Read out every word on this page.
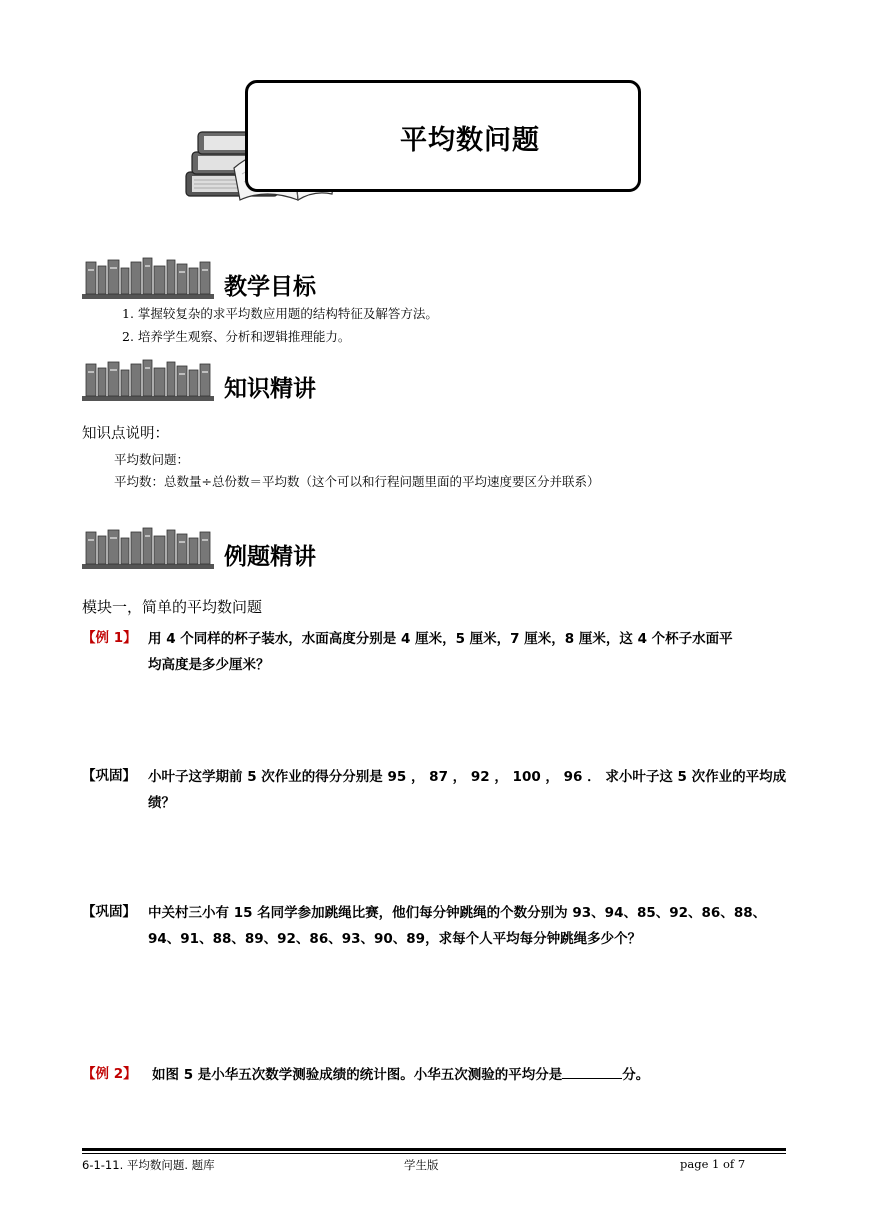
平均数问题
教学目标
1. 掌握较复杂的求平均数应用题的结构特征及解答方法。
2. 培养学生观察、分析和逻辑推理能力。
知识精讲
知识点说明：
平均数问题：
平均数：总数量÷总份数＝平均数（这个可以和行程问题里面的平均速度要区分并联系）
例题精讲
模块一，简单的平均数问题
【例 1】 用 4 个同样的杯子装水，水面高度分别是 4 厘米，5 厘米，7 厘米，8 厘米，这 4 个杯子水面平
均高度是多少厘米？
【巩固】 小叶子这学期前 5 次作业的得分分别是 95 ， 87 ， 92 ， 100 ， 96 ． 求小叶子这 5 次作业的平均成
绩？
【巩固】 中关村三小有 15 名同学参加跳绳比赛，他们每分钟跳绳的个数分别为 93、94、85、92、86、88、
94、91、88、89、92、86、93、90、89，求每个人平均每分钟跳绳多少个？
【例 2】 如图 5 是小华五次数学测验成绩的统计图。小华五次测验的平均分是	分。
6-1-11. 平均数问题. 题库	学生版	page 1 of 7
